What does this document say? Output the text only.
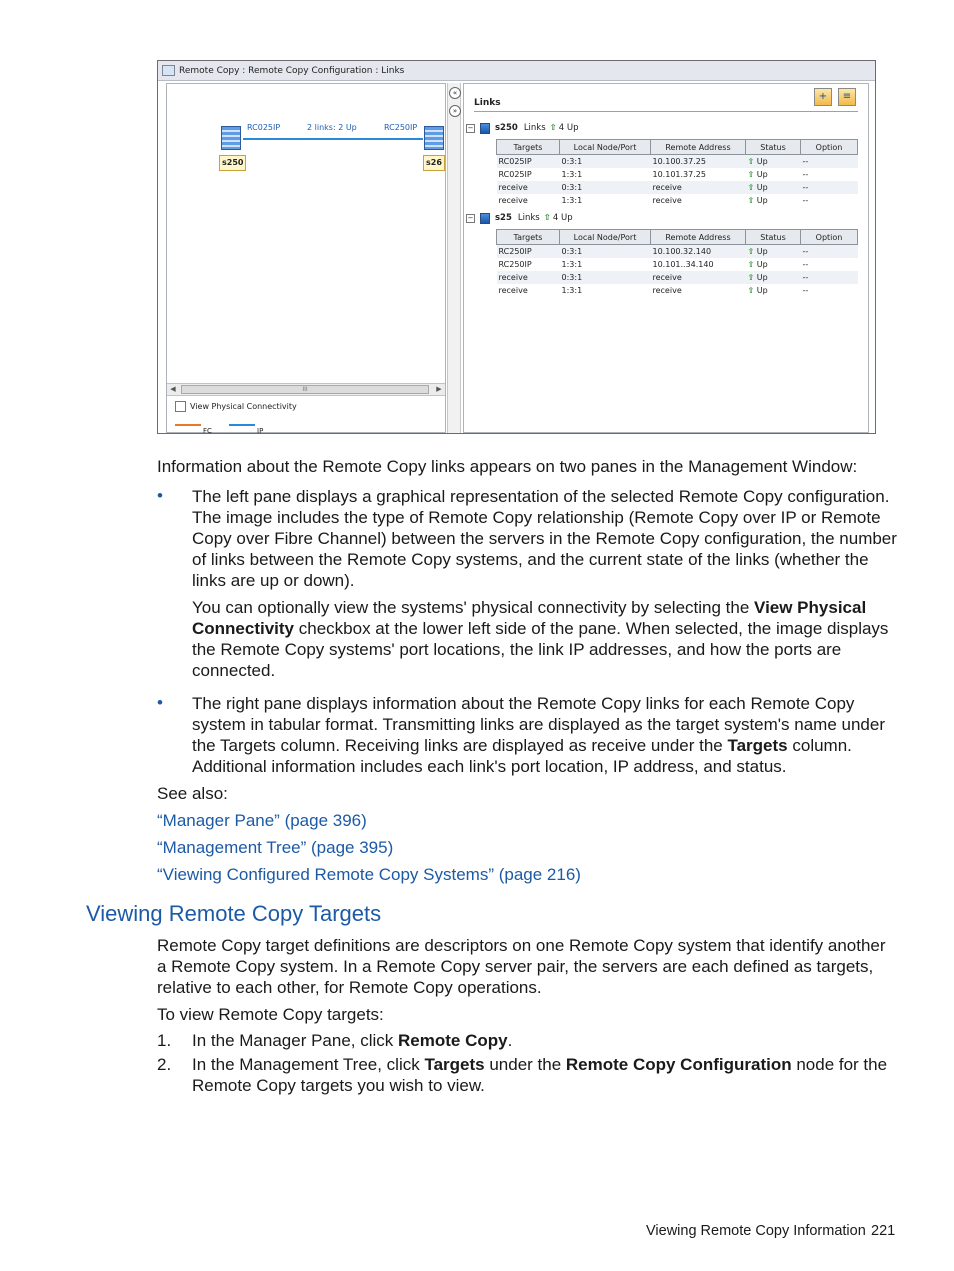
Remote Copy : Remote Copy Configuration : Links
s250	s26
RC025IP	2 links: 2 Up	RC250IP
◀	III	▶
View Physical Connectivity
FC	IP
«
»
Links
+	≡
−	s250 Links ⇧ 4 Up
Targets	Local Node/Port	Remote Address	Status	Option
RC025IP	0:3:1	10.100.37.25	⇧ Up	--
RC025IP	1:3:1	10.101.37.25	⇧ Up	--
receive	0:3:1	receive	⇧ Up	--
receive	1:3:1	receive	⇧ Up	--
−	s25 Links ⇧ 4 Up
Targets	Local Node/Port	Remote Address	Status	Option
RC250IP	0:3:1	10.100.32.140	⇧ Up	--
RC250IP	1:3:1	10.101..34.140	⇧ Up	--
receive	0:3:1	receive	⇧ Up	--
receive	1:3:1	receive	⇧ Up	--
Information about the Remote Copy links appears on two panes in the Management Window:
• The left pane displays a graphical representation of the selected Remote Copy configuration. The image includes the type of Remote Copy relationship (Remote Copy over IP or Remote Copy over Fibre Channel) between the servers in the Remote Copy configuration, the number of links between the Remote Copy systems, and the current state of the links (whether the links are up or down).
You can optionally view the systems' physical connectivity by selecting the View Physical Connectivity checkbox at the lower left side of the pane. When selected, the image displays the Remote Copy systems' port locations, the link IP addresses, and how the ports are connected.
• The right pane displays information about the Remote Copy links for each Remote Copy system in tabular format. Transmitting links are displayed as the target system's name under the Targets column. Receiving links are displayed as receive under the Targets column. Additional information includes each link's port location, IP address, and status.
See also:
“Manager Pane” (page 396)
“Management Tree” (page 395)
“Viewing Configured Remote Copy Systems” (page 216)
Viewing Remote Copy Targets
Remote Copy target definitions are descriptors on one Remote Copy system that identify another a Remote Copy system. In a Remote Copy server pair, the servers are each defined as targets, relative to each other, for Remote Copy operations.
To view Remote Copy targets:
1. In the Manager Pane, click Remote Copy.
2. In the Management Tree, click Targets under the Remote Copy Configuration node for the Remote Copy targets you wish to view.
Viewing Remote Copy Information 221
